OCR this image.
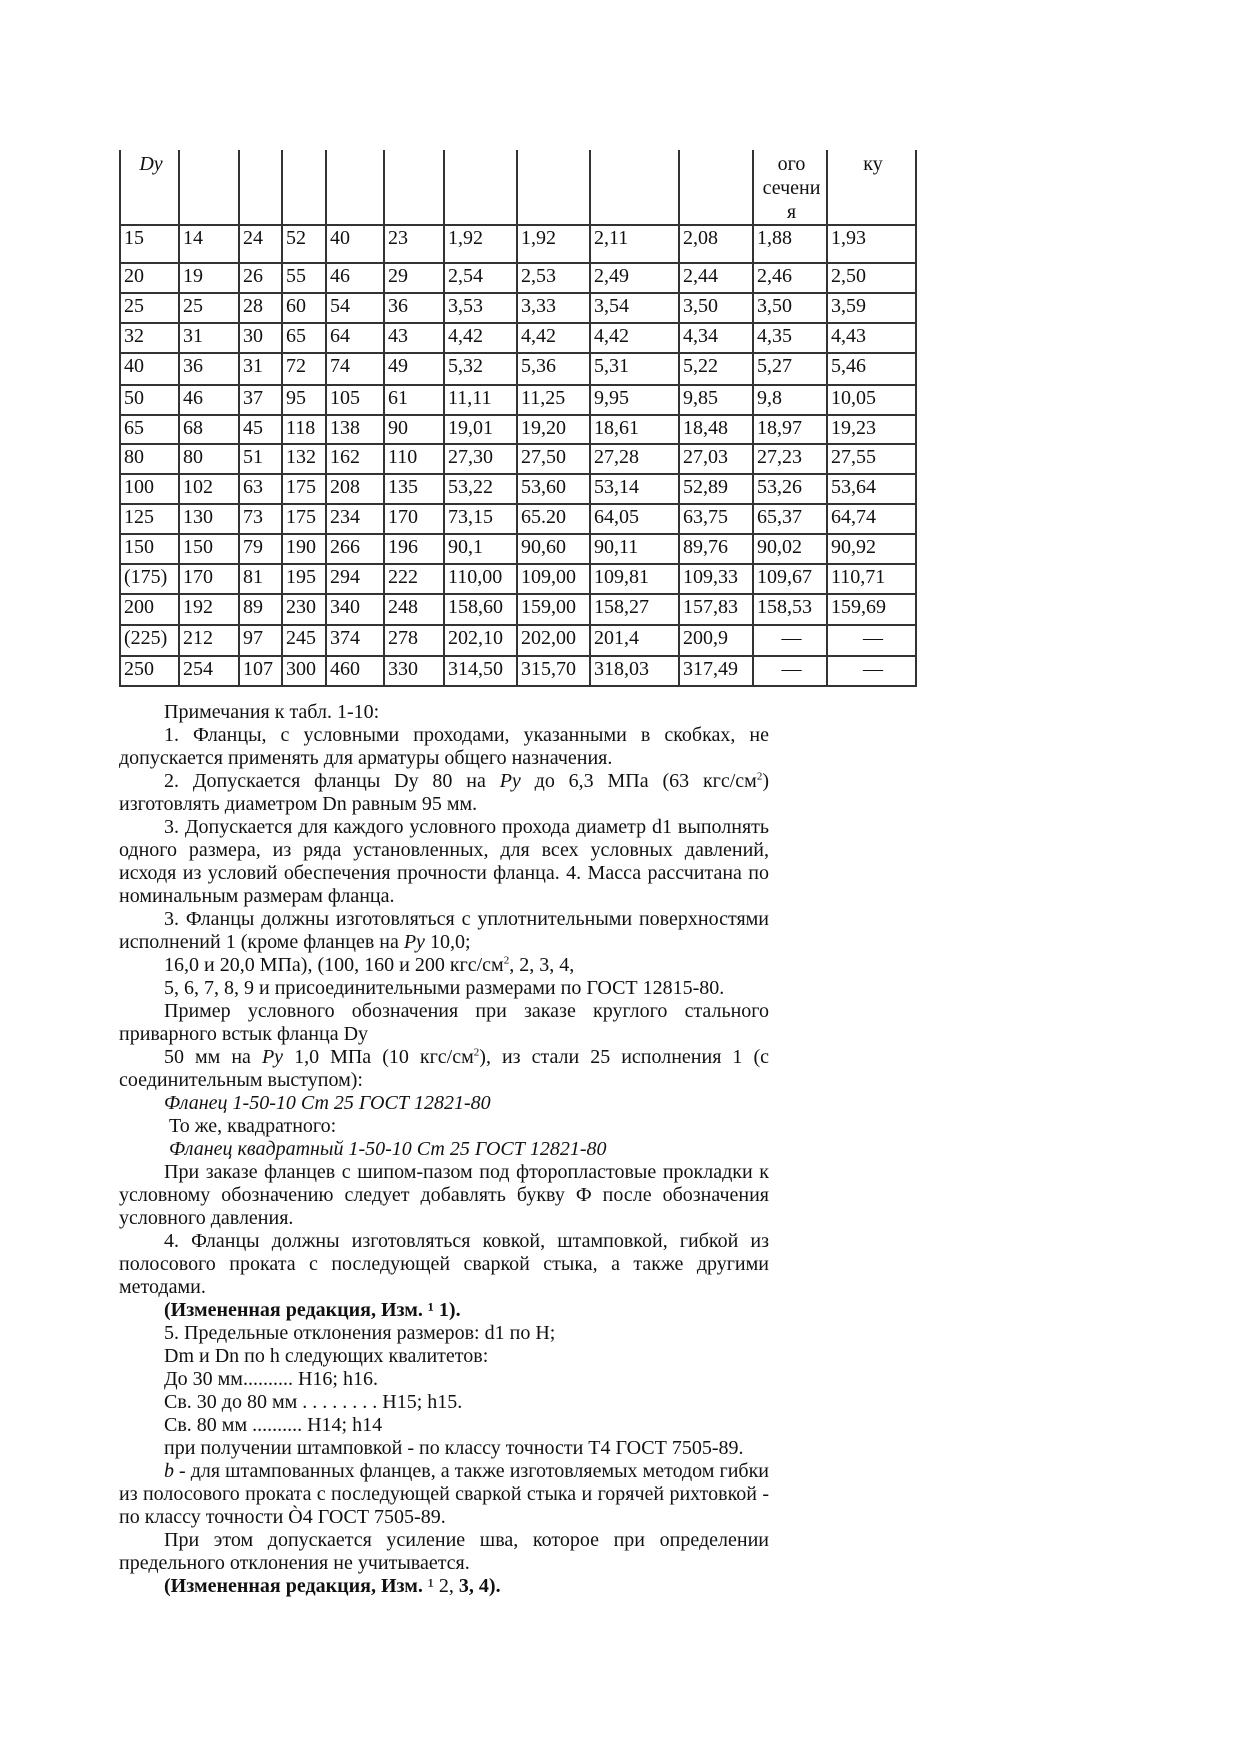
Dу										ого сечени я	ку
15	14	24	52	40	23	1,92	1,92	2,11	2,08	1,88	1,93
20	19	26	55	46	29	2,54	2,53	2,49	2,44	2,46	2,50
25	25	28	60	54	36	3,53	3,33	3,54	3,50	3,50	3,59
32	31	30	65	64	43	4,42	4,42	4,42	4,34	4,35	4,43
40	36	31	72	74	49	5,32	5,36	5,31	5,22	5,27	5,46
50	46	37	95	105	61	11,11	11,25	9,95	9,85	9,8	10,05
65	68	45	118	138	90	19,01	19,20	18,61	18,48	18,97	19,23
80	80	51	132	162	110	27,30	27,50	27,28	27,03	27,23	27,55
100	102	63	175	208	135	53,22	53,60	53,14	52,89	53,26	53,64
125	130	73	175	234	170	73,15	65.20	64,05	63,75	65,37	64,74
150	150	79	190	266	196	90,1	90,60	90,11	89,76	90,02	90,92
(175)	170	81	195	294	222	110,00	109,00	109,81	109,33	109,67	110,71
200	192	89	230	340	248	158,60	159,00	158,27	157,83	158,53	159,69
(225)	212	97	245	374	278	202,10	202,00	201,4	200,9	—	—
250	254	107	300	460	330	314,50	315,70	318,03	317,49	—	—

Примечания к табл. 1-10:

1. Фланцы, с условными проходами, указанными в скобках, не допускается применять для арматуры общего назначения.

2. Допускается фланцы Dу 80 на Ру до 6,3 МПа (63 кгс/$см^2$) изготовлять диаметром Dn равным 95 мм.

3. Допускается для каждого условного прохода диаметр d1 выполнять одного размера, из ряда установленных, для всех условных давлений, исходя из условий обеспечения прочности фланца. 4. Масса рассчитана по номинальным размерам фланца.

3. Фланцы должны изготовляться с уплотнительными поверхностями исполнений 1 (кроме фланцев на Ру 10,0;

16,0 и 20,0 МПа), (100, 160 и 200 кгс/$см^2$, 2, 3, 4,

5, 6, 7, 8, 9 и присоединительными размерами по ГОСТ 12815-80.

Пример условного обозначения при заказе круглого стального приварного встык фланца Dу

50 мм на Ру 1,0 МПа (10 кгс/$см^2$), из стали 25 исполнения 1 (с соединительным выступом):

Фланец 1-50-10 Ст 25 ГОСТ 12821-80

То же, квадратного:

Фланец квадратный 1-50-10 Ст 25 ГОСТ 12821-80

При заказе фланцев с шипом-пазом под фторопластовые прокладки к условному обозначению следует добавлять букву Ф после обозначения условного давления.

4. Фланцы должны изготовляться ковкой, штамповкой, гибкой из полосового проката с последующей сваркой стыка, а также другими методами.

(Измененная редакция, Изм. ¹ 1).

5. Предельные отклонения размеров: d1 по Н;

Dm и Dn по h следующих квалитетов:

До 30 мм.......... Н16; h16.

Св. 30 до 80 мм . . . . . . . . Н15; h15.

Св. 80 мм .......... Н14; h14

при получении штамповкой - по классу точности Т4 ГОСТ 7505-89.

b - для штампованных фланцев, а также изготовляемых методом гибки из полосового проката с последующей сваркой стыка и горячей рихтовкой - по классу точности Ò4 ГОСТ 7505-89.

При этом допускается усиление шва, которое при определении предельного отклонения не учитывается.

(Измененная редакция, Изм. ¹ 2, 3, 4).
